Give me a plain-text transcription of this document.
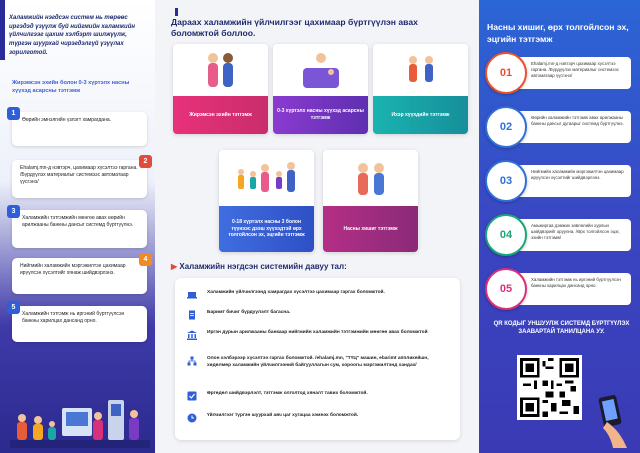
Халамжийн нэгдсэн систем нь төрөөс иргэдэд үзүүлж буй нийгмийн халамжийн үйлчилгээг цахим хэлбэрт шилжүүлж, түргэн шуурхай чирэгдэлгүй үзүүлах зорилготой.
Жирэмсэн эхийн болон 0-3 хүртэлх насны хүүхэд асарсны тэтгэмж
1
Өөрийн эмнэлгийн үзлэгт хамрагдана.
2
Ehalamj.mn-д нэвтэрч, цахимаар хүсэлтээ гаргана. /Бүрдүүлэх материалыг системээс автоматаар үүсгэнэ/
3
Халамжийн тэтгэмжийн мөнгөө авах өөрийн арилжааны банкны дансыг системд бүртгүүлнэ.
4
Нийгмийн халамжийн мэргэжилтэн цахимаар ирүүлсэн хүсэлтийг хянаж шийдвэрлэнэ.
5
Халамжийн тэтгэмж нь иргэний бүртгүүлсэн банкны харилцах дансанд орно.
Дараах халамжийн үйлчилгээг цахимаар бүртгүүлэн авах боломжтой боллоо.
Жирэмсэн эхийн тэтгэмж
0-3 хүртэлх насны хүүхэд асарсны тэтгэмж
Ихэр хүүхдийн тэтгэмж
0-18 хүртэлх насны 3 болон түүнээс дээш хүүхэдтэй өрх толгойлсон эх, эцгийн тэтгэмж
Насны хишиг тэтгэмж
▶ Халамжийн нэгдсэн системийн давуу тал:
Халамжийн үйлчилгээнд хамрагдах хүсэлтээ цахимаар гаргах боломжтой.
Баримт бичиг бүрдүүлэлт багасна.
Иргэн дурын арилжааны банкаар нийгмийн халамжийн тэтгэмжийн мөнгөө авах боломжтой
Олон хэлбэрээр хүсэлтээ гаргах боломжтой. /ehalamj.mn, "ТҮЦ" машин, ebarimt аппликейшн, хөдөлмөр халамжийн үйлчилгээний байгууллагын сум, хороогы мэргэжилтэнд хандах/
Өргөдөл шийдвэрлэлт, тэтгэмж олголтод хяналт тавих боломжтой.
Үйлчилгээг түргэн шуурхай авч цаг хугацаа хэмнэх боломжтой.
Насны хишиг, өрх толгойлсон эх, эцгийн тэтгэмж
Ehalamj.mn-д нэвтэрч цахимаар хүсэлтээ гаргана. /Бүрдүүлэх материалыг системээс автоматаар үүсгэнэ/
01
Өөрийн халамжийн тэтгэмж авах арилжааны банкны дансыг дугаарыг системд бүртгүүлнэ.
02
Нийгмийн халамжийн мэргэжилтэн цахимаар ирүүлсэн хүсэлтийг шийдвэрлэнэ.
03
Амьжиргаа дэмжих зөвлөлийн хурлын шийдвэрийг оруулна. /Өрх толгойлсон эцэг, эхийн тэтгэмж/
04
Халамжийн тэтгэмж нь иргэний бүртгүүлсэн банкны харилцах дансанд орно.
05
QR КОДЫГ УНШУУЛЖ СИСТЕМД БҮРТГҮҮЛЭХ ЗААВАРТАЙ ТАНИЛЦАНА УУ.
